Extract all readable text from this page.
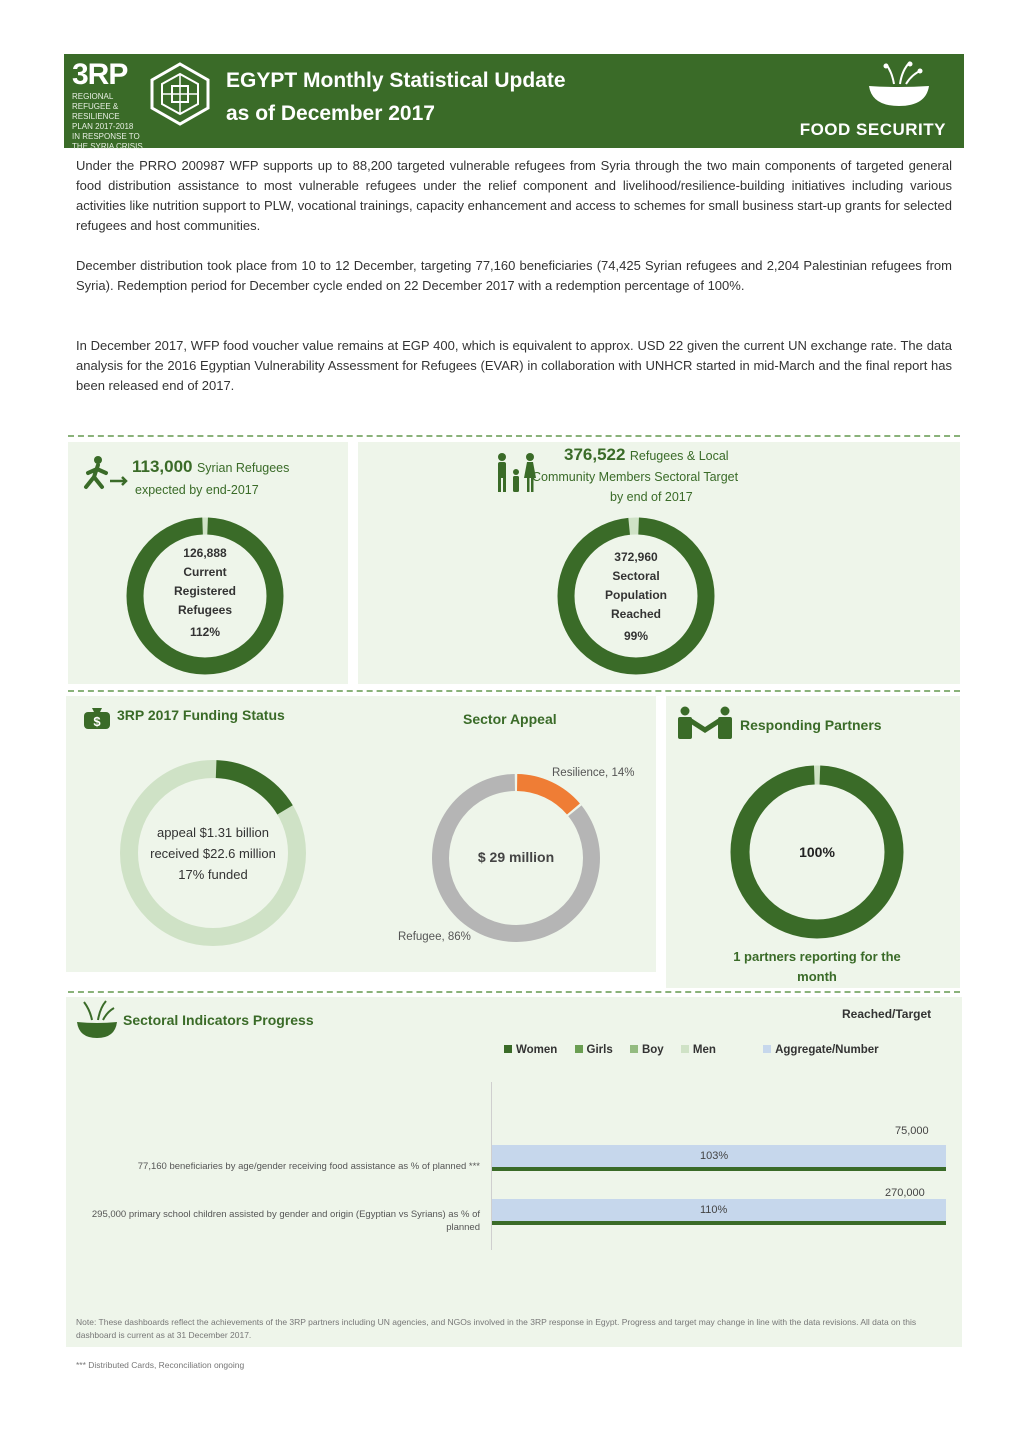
3RP
REGIONAL
REFUGEE &
RESILIENCE
PLAN 2017-2018
IN RESPONSE TO THE SYRIA CRISIS
EGYPT Monthly Statistical Update
as of December 2017
FOOD SECURITY

Under the PRRO 200987 WFP supports up to 88,200 targeted vulnerable refugees from Syria through the two main components of targeted general food distribution assistance to most vulnerable refugees under the relief component and livelihood/resilience-building initiatives including various activities like nutrition support to PLW, vocational trainings, capacity enhancement and access to schemes for small business start-up grants for selected refugees and host communities.

December distribution took place from 10 to 12 December, targeting 77,160 beneficiaries (74,425 Syrian refugees and 2,204 Palestinian refugees from Syria). Redemption period for December cycle ended on 22 December 2017 with a redemption percentage of 100%.

In December 2017, WFP food voucher value remains at EGP 400, which is equivalent to approx. USD 22 given the current UN exchange rate. The data analysis for the 2016 Egyptian Vulnerability Assessment for Refugees (EVAR) in collaboration with UNHCR started in mid-March and the final report has been released end of 2017.

113,000 Syrian Refugees
expected by end-2017
126,888
Current
Registered
Refugees
112%
376,522 Refugees & Local
Community Members Sectoral Target
by end of 2017
372,960
Sectoral
Population
Reached
99%
$ 3RP 2017 Funding Status
appeal $1.31 billion
received $22.6 million
17% funded
Sector Appeal
$ 29 million
Resilience, 14%
Refugee, 86%
Responding Partners
100%
1 partners reporting for the
month
Sectoral Indicators Progress	Reached/Target
Women	Girls	Boy	Men	Aggregate/Number
77,160 beneficiaries by age/gender receiving food assistance as % of planned ***
75,000
103%
295,000 primary school children assisted by gender and origin (Egyptian vs Syrians) as % of planned
270,000
110%
Note: These dashboards reflect the achievements of the 3RP partners including UN agencies, and NGOs involved in the 3RP response in Egypt. Progress and target may change in line with the data revisions. All data on this dashboard is current as at 31 December 2017.
*** Distributed Cards, Reconciliation ongoing
